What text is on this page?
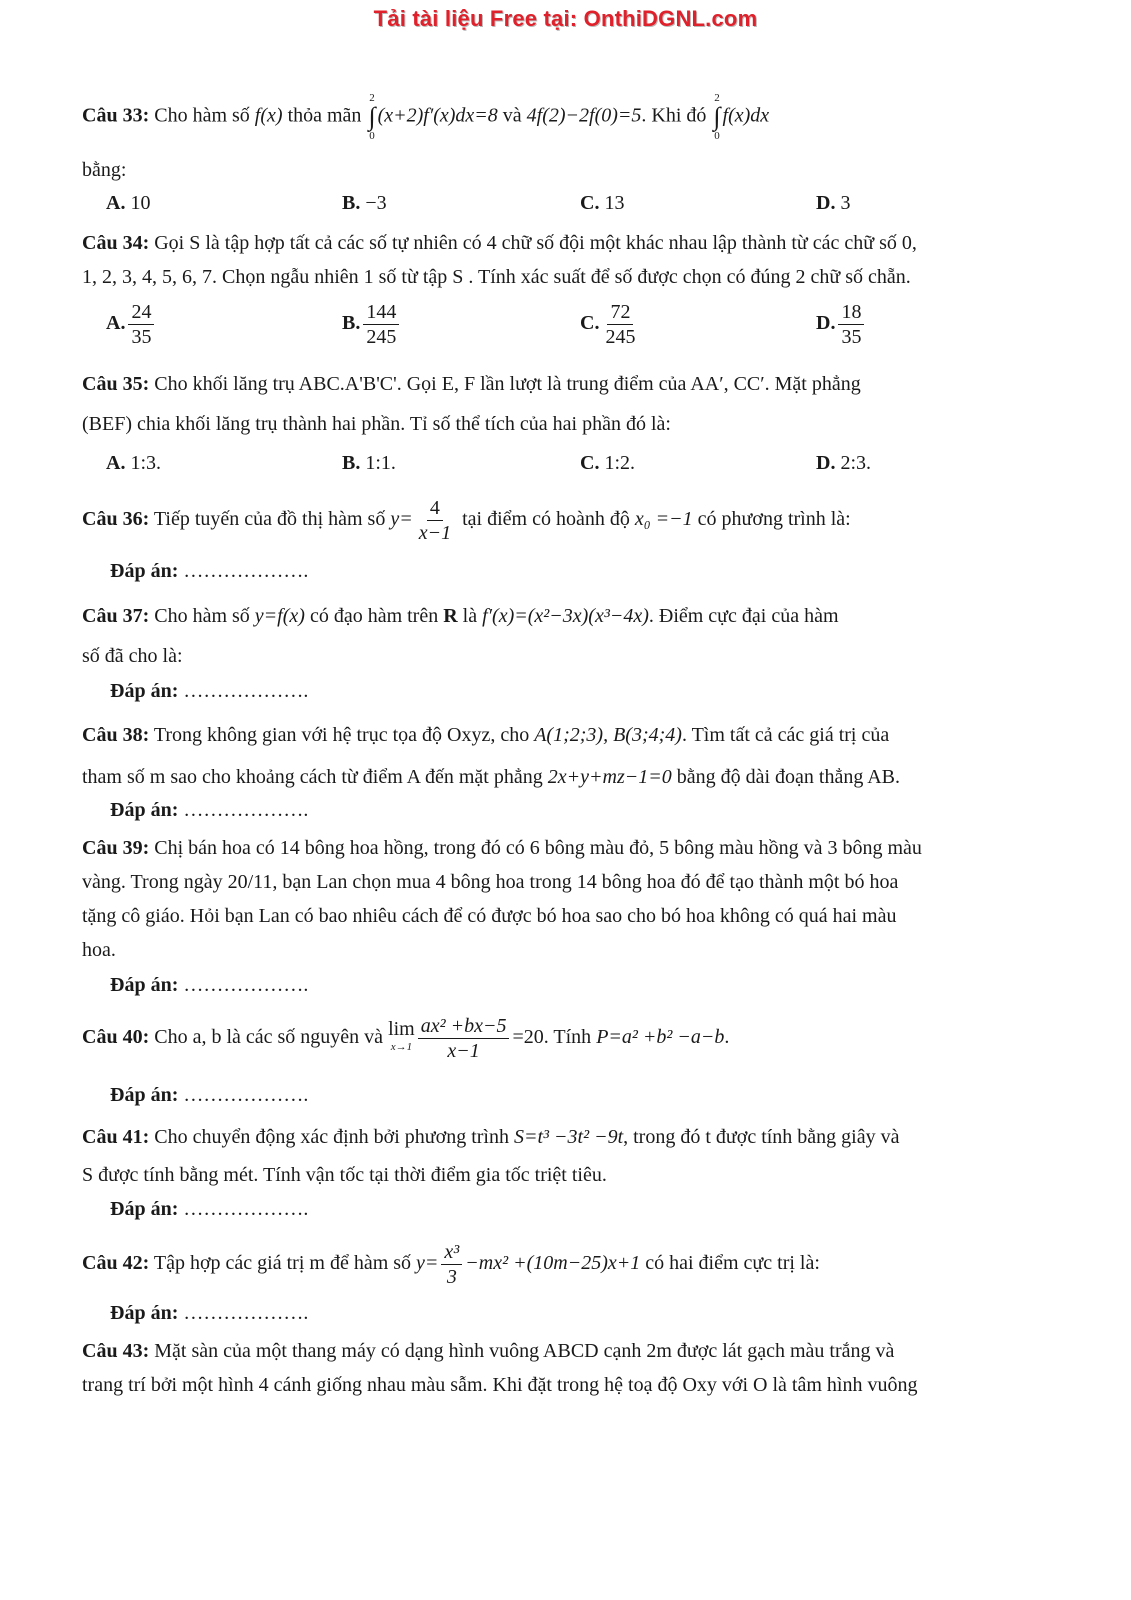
Tải tài liệu Free tại: OnthiDGNL.com
Câu 33: Cho hàm số f(x) thỏa mãn
2
∫
0
(x+2)f′(x)dx=8 và 4f(2)−2f(0)=5. Khi đó
2
∫
0
f(x)dx
bằng:
A. 10	B. −3	C. 13	D. 3
Câu 34: Gọi S là tập hợp tất cả các số tự nhiên có 4 chữ số đội một khác nhau lập thành từ các chữ số 0,
1, 2, 3, 4, 5, 6, 7. Chọn ngẫu nhiên 1 số từ tập S . Tính xác suất để số được chọn có đúng 2 chữ số chẵn.
A. $\frac{24}{35}$	B. $\frac{144}{245}$	C. $\frac{72}{245}$	D. $\frac{18}{35}$
Câu 35: Cho khối lăng trụ ABC.A'B'C'. Gọi E, F lần lượt là trung điểm của AA′, CC′. Mặt phẳng
(BEF) chia khối lăng trụ thành hai phần. Tỉ số thể tích của hai phần đó là:
A. 1:3.	B. 1:1.	C. 1:2.	D. 2:3.
Câu 36: Tiếp tuyến của đồ thị hàm số $y= \frac{4}{x-1}$ tại điểm có hoành độ x₀ =−1 có phương trình là:
Đáp án: ……………….
Câu 37: Cho hàm số y=f(x) có đạo hàm trên R là f′(x)=(x²−3x)(x³−4x). Điểm cực đại của hàm
số đã cho là:
Đáp án: ……………….
Câu 38: Trong không gian với hệ trục tọa độ Oxyz, cho A(1;2;3), B(3;4;4). Tìm tất cả các giá trị của
tham số m sao cho khoảng cách từ điểm A đến mặt phẳng 2x+y+mz−1=0 bằng độ dài đoạn thẳng AB.
Đáp án: ……………….
Câu 39: Chị bán hoa có 14 bông hoa hồng, trong đó có 6 bông màu đỏ, 5 bông màu hồng và 3 bông màu
vàng. Trong ngày 20/11, bạn Lan chọn mua 4 bông hoa trong 14 bông hoa đó để tạo thành một bó hoa
tặng cô giáo. Hỏi bạn Lan có bao nhiêu cách để có được bó hoa sao cho bó hoa không có quá hai màu
hoa.
Đáp án: ……………….
Câu 40: Cho a, b là các số nguyên và lim
$x\to 1 \frac{\text{ax² +bx−5}}{x-1} =20$. Tính P=a² +b² −a−b.
Đáp án: ……………….
Câu 41: Cho chuyển động xác định bởi phương trình S=t³ −3t² −9t, trong đó t được tính bằng giây và
S được tính bằng mét. Tính vận tốc tại thời điểm gia tốc triệt tiêu.
Đáp án: ……………….
Câu 42: Tập hợp các giá trị m để hàm số $y= \frac{\text{x³}}{3} -mx^2 +(10m-25)x+1$ có hai điểm cực trị là:
Đáp án: ……………….
Câu 43: Mặt sàn của một thang máy có dạng hình vuông ABCD cạnh 2m được lát gạch màu trắng và
trang trí bởi một hình 4 cánh giống nhau màu sẫm. Khi đặt trong hệ toạ độ Oxy với O là tâm hình vuông
